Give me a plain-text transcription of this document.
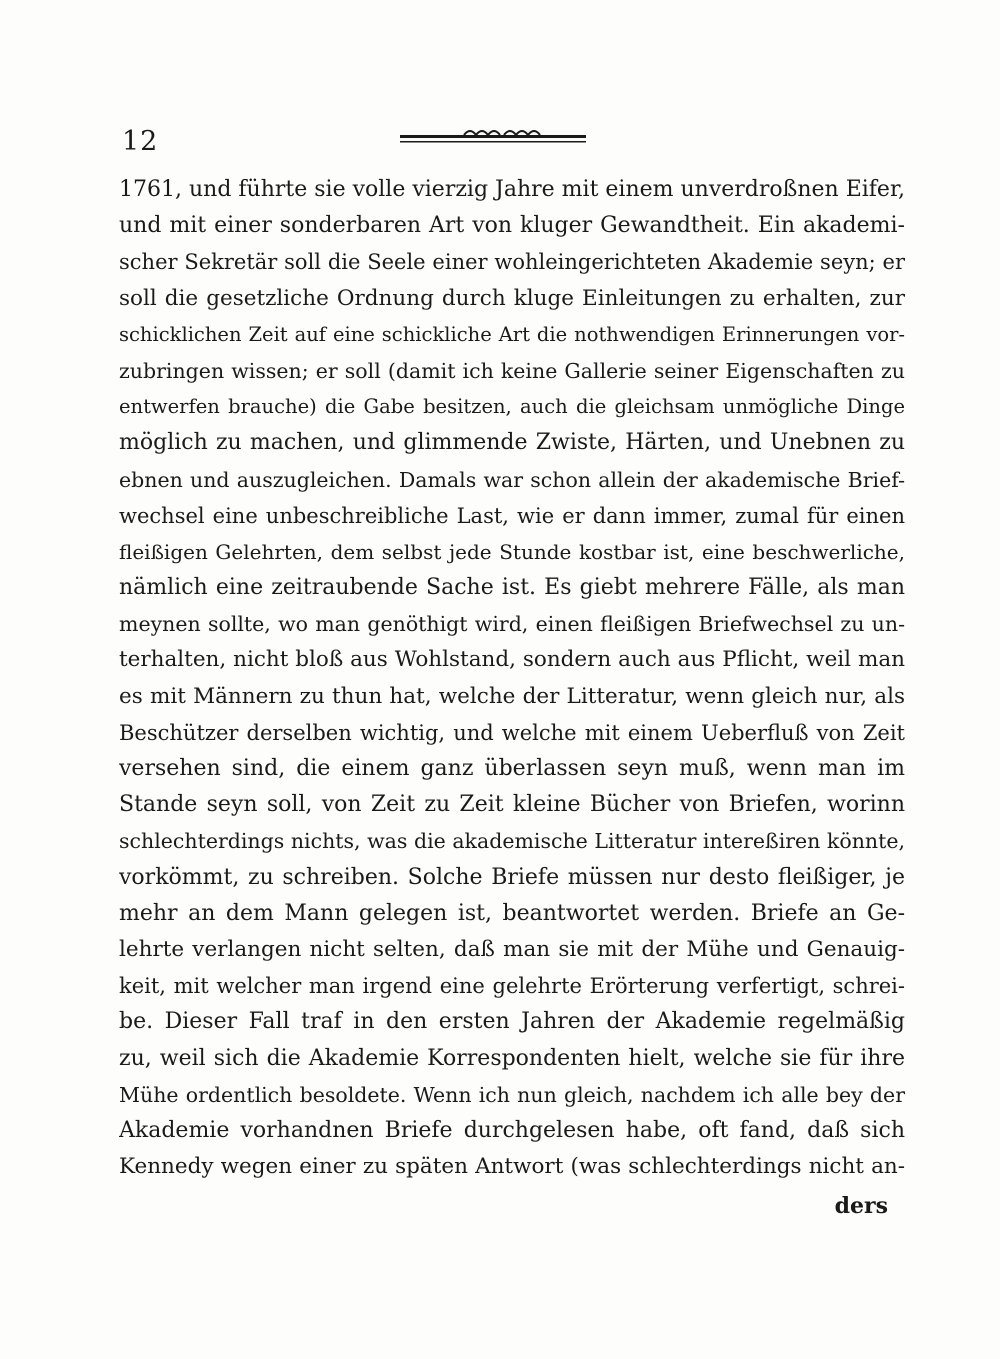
12
1761, und führte sie volle vierzig Jahre mit einem unverdroßnen Eifer,
und mit einer sonderbaren Art von kluger Gewandtheit. Ein akademi-
scher Sekretär soll die Seele einer wohleingerichteten Akademie seyn; er
soll die gesetzliche Ordnung durch kluge Einleitungen zu erhalten, zur
schicklichen Zeit auf eine schickliche Art die nothwendigen Erinnerungen vor-
zubringen wissen; er soll (damit ich keine Gallerie seiner Eigenschaften zu
entwerfen brauche) die Gabe besitzen, auch die gleichsam unmögliche Dinge
möglich zu machen, und glimmende Zwiste, Härten, und Unebnen zu
ebnen und auszugleichen. Damals war schon allein der akademische Brief-
wechsel eine unbeschreibliche Last, wie er dann immer, zumal für einen
fleißigen Gelehrten, dem selbst jede Stunde kostbar ist, eine beschwerliche,
nämlich eine zeitraubende Sache ist. Es giebt mehrere Fälle, als man
meynen sollte, wo man genöthigt wird, einen fleißigen Briefwechsel zu un-
terhalten, nicht bloß aus Wohlstand, sondern auch aus Pflicht, weil man
es mit Männern zu thun hat, welche der Litteratur, wenn gleich nur, als
Beschützer derselben wichtig, und welche mit einem Ueberfluß von Zeit
versehen sind, die einem ganz überlassen seyn muß, wenn man im
Stande seyn soll, von Zeit zu Zeit kleine Bücher von Briefen, worinn
schlechterdings nichts, was die akademische Litteratur intereßiren könnte,
vorkömmt, zu schreiben. Solche Briefe müssen nur desto fleißiger, je
mehr an dem Mann gelegen ist, beantwortet werden. Briefe an Ge-
lehrte verlangen nicht selten, daß man sie mit der Mühe und Genauig-
keit, mit welcher man irgend eine gelehrte Erörterung verfertigt, schrei-
be. Dieser Fall traf in den ersten Jahren der Akademie regelmäßig
zu, weil sich die Akademie Korrespondenten hielt, welche sie für ihre
Mühe ordentlich besoldete. Wenn ich nun gleich, nachdem ich alle bey der
Akademie vorhandnen Briefe durchgelesen habe, oft fand, daß sich
Kennedy wegen einer zu späten Antwort (was schlechterdings nicht an-
ders
